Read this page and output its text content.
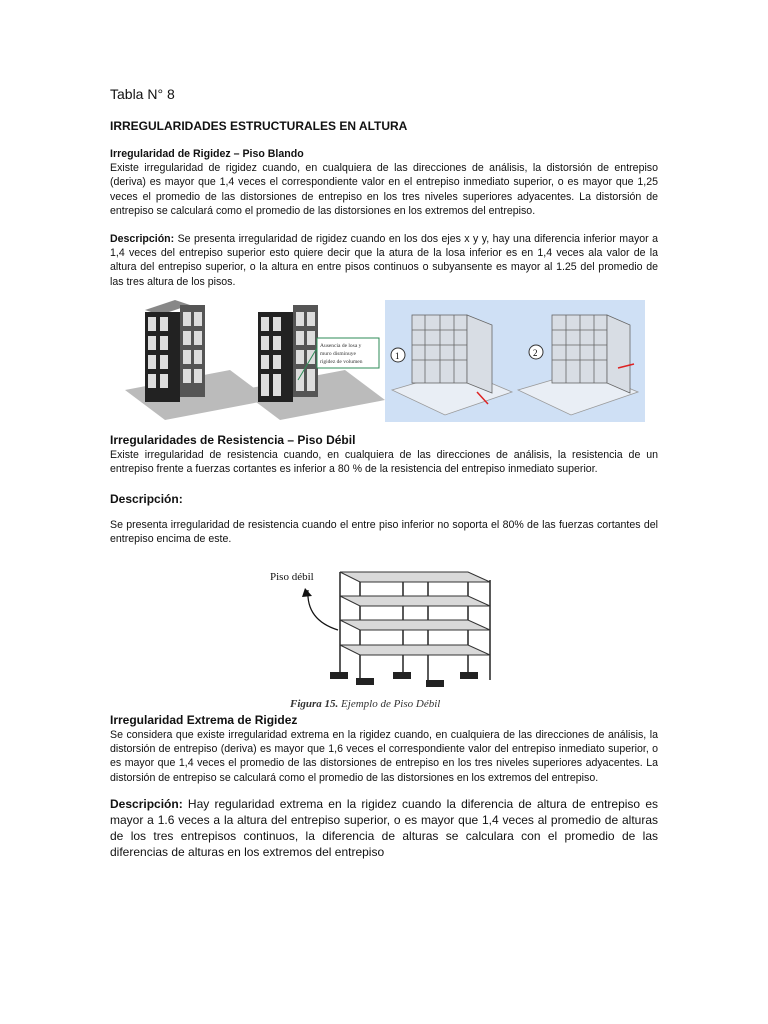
Tabla N° 8
IRREGULARIDADES ESTRUCTURALES EN ALTURA
Irregularidad de Rigidez – Piso Blando
Existe irregularidad de rigidez cuando, en cualquiera de las direcciones de análisis, la distorsión de entrepiso (deriva) es mayor que 1,4 veces el correspondiente valor en el entrepiso inmediato superior, o es mayor que 1,25 veces el promedio de las distorsiones de entrepiso en los tres niveles superiores adyacentes. La distorsión de entrepiso se calculará como el promedio de las distorsiones en los extremos del entrepiso.
Descripción: Se presenta irregularidad de rigidez cuando en los dos ejes x y y, hay una diferencia inferior mayor a 1,4 veces del entrepiso superior esto quiere decir que la atura de la losa inferior es en 1,4 veces ala valor de la altura del entrepiso superior, o la altura en entre pisos continuos o subyansente es mayor al 1.25 del promedio de las tres altura de los pisos.
Ausencia de losa y
muro disminuye
rigidez de volumen
1	2
Irregularidades de Resistencia – Piso Débil
Existe irregularidad de resistencia cuando, en cualquiera de las direcciones de análisis, la resistencia de un entrepiso frente a fuerzas cortantes es inferior a 80 % de la resistencia del entrepiso inmediato superior.
Descripción:
Se presenta irregularidad de resistencia cuando el entre piso inferior no soporta el 80% de las fuerzas cortantes del entrepiso encima de este.
Piso débil
Figura 15. Ejemplo de Piso Débil
Irregularidad Extrema de Rigidez
Se considera que existe irregularidad extrema en la rigidez cuando, en cualquiera de las direcciones de análisis, la distorsión de entrepiso (deriva) es mayor que 1,6 veces el correspondiente valor del entrepiso inmediato superior, o es mayor que 1,4 veces el promedio de las distorsiones de entrepiso en los tres niveles superiores adyacentes. La distorsión de entrepiso se calculará como el promedio de las distorsiones en los extremos del entrepiso.
Descripción: Hay regularidad extrema en la rigidez cuando la diferencia de altura de entrepiso es mayor a 1.6 veces a la altura del entrepiso superior, o es mayor que 1,4 veces al promedio de alturas de los tres entrepisos continuos, la diferencia de alturas se calculara con el promedio de las diferencias de alturas en los extremos del entrepiso
